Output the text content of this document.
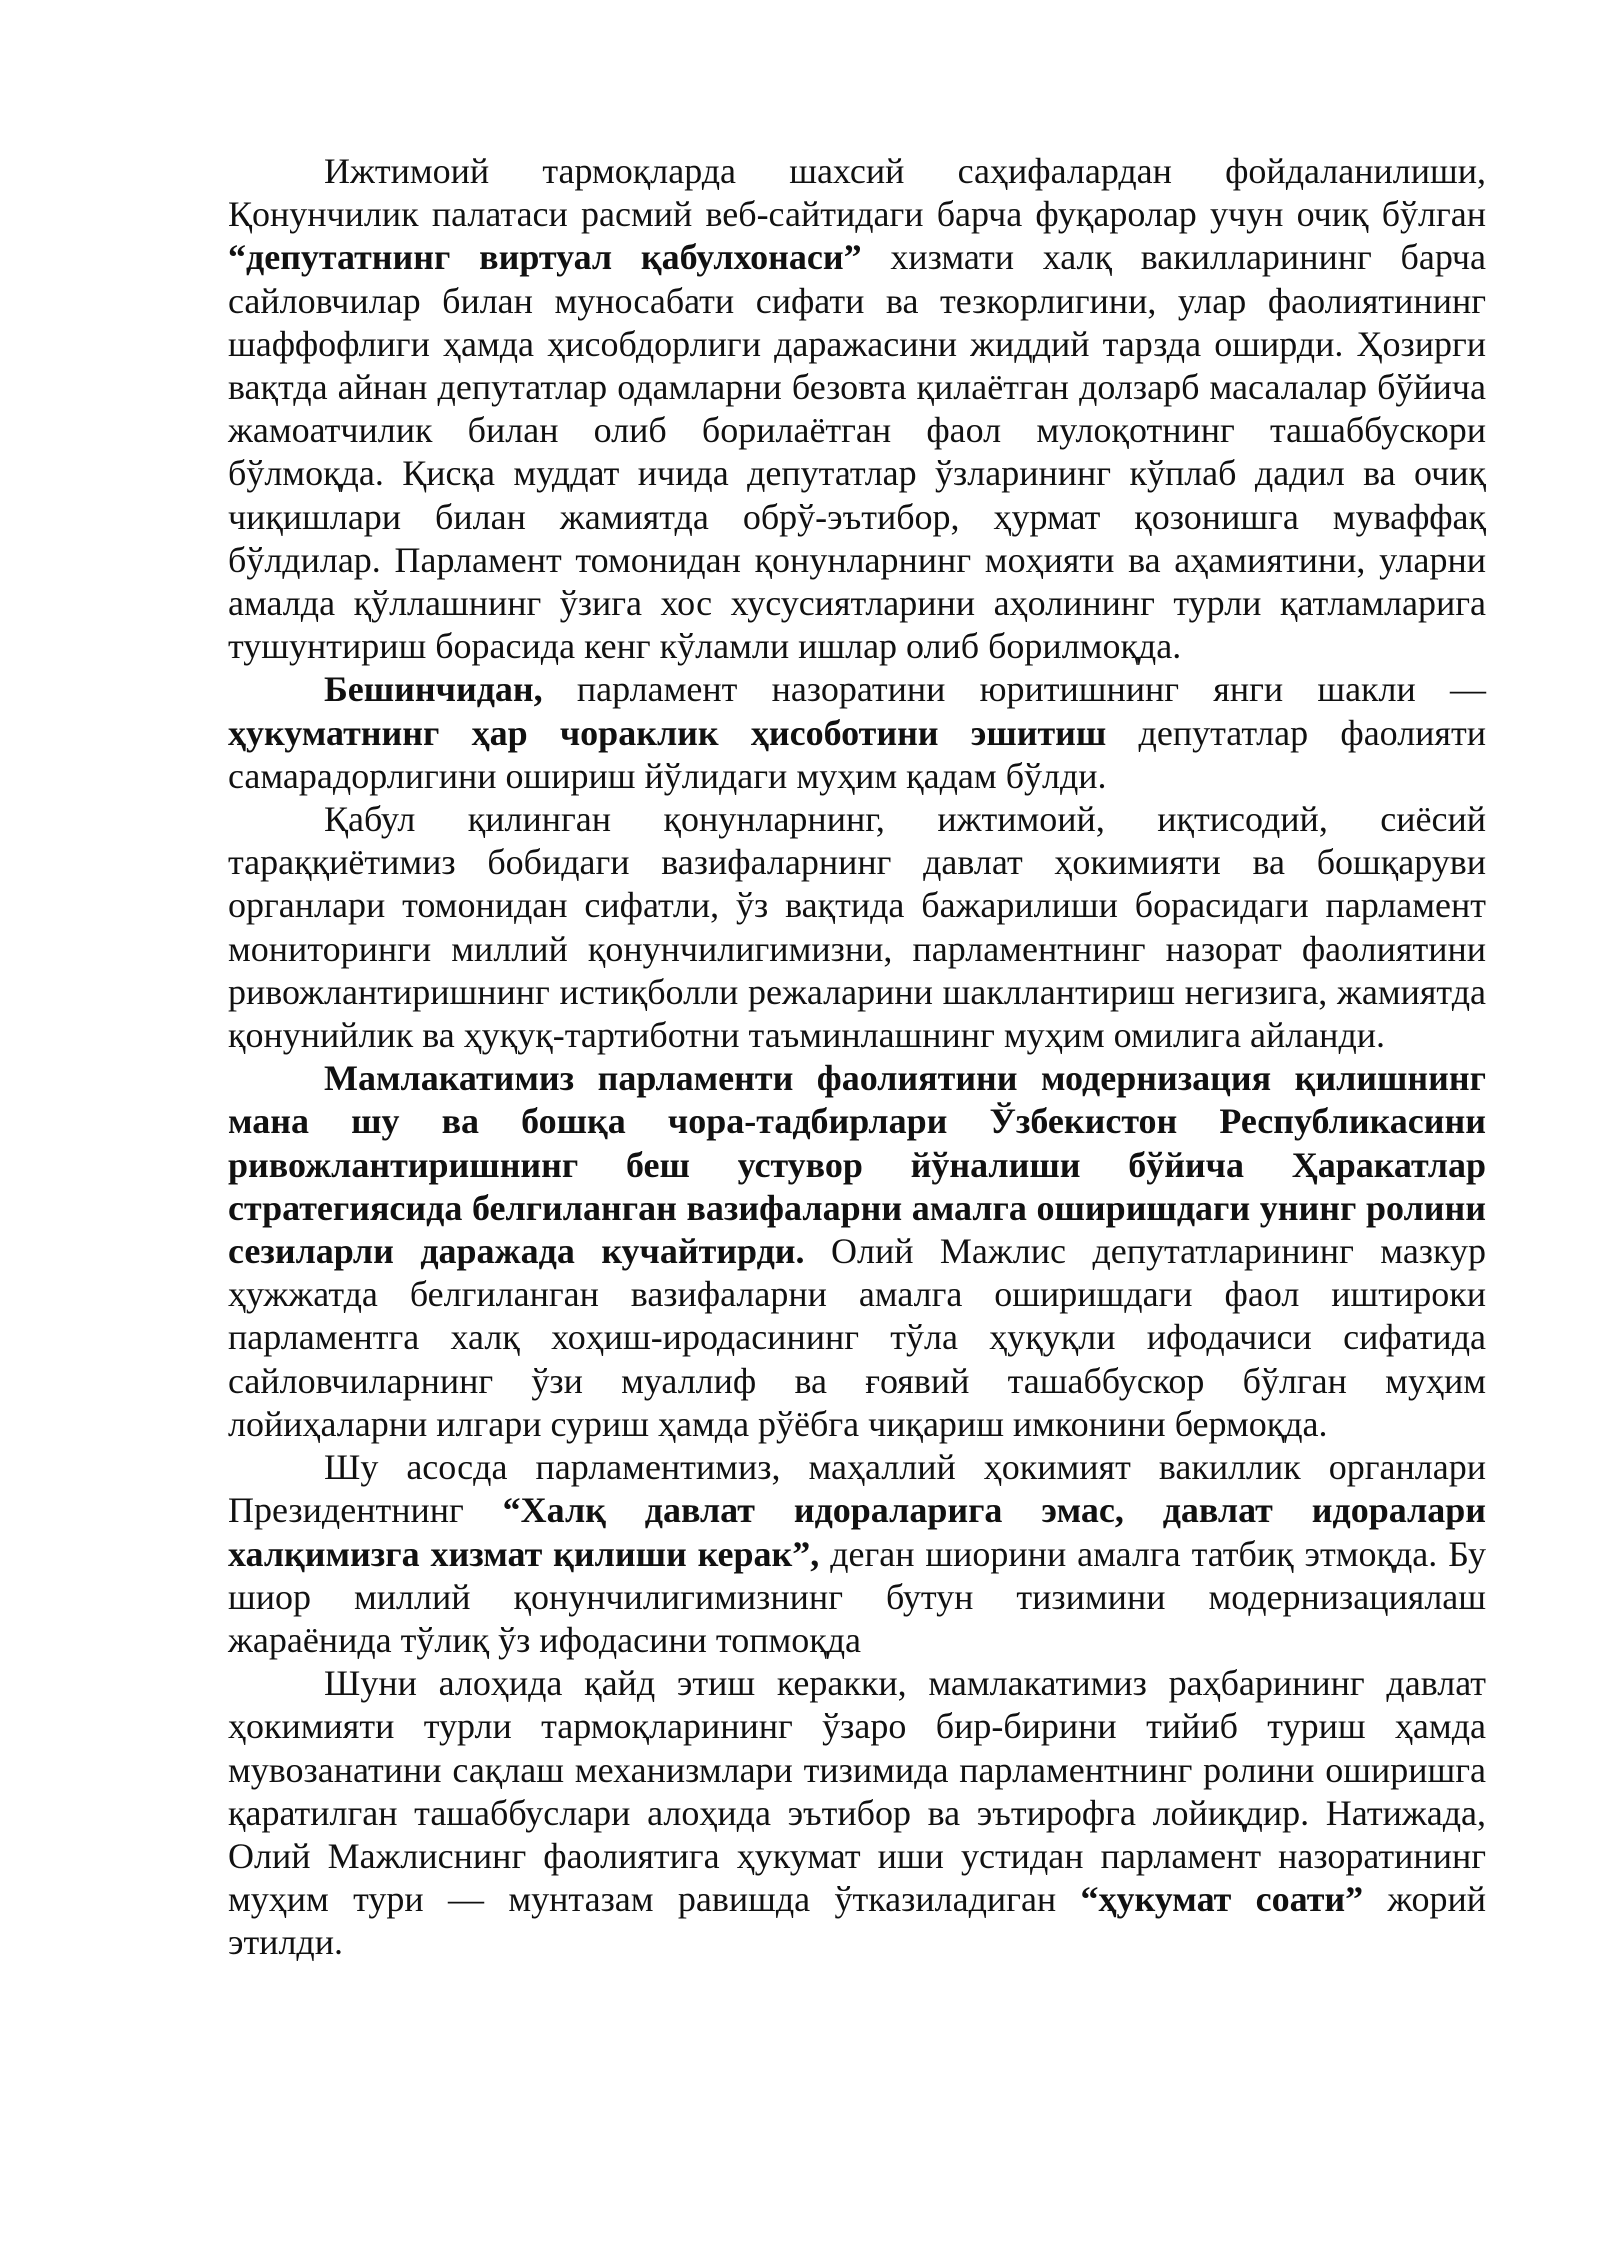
Ижтимоий тармоқларда шахсий саҳифалардан фойдаланилиши, Қонунчилик палатаси расмий веб-сайтидаги барча фуқаролар учун очиқ бўлган “депутатнинг виртуал қабулхонаси” хизмати халқ вакилларининг барча сайловчилар билан муносабати сифати ва тезкорлигини, улар фаолиятининг шаффофлиги ҳамда ҳисобдорлиги даражасини жиддий тарзда оширди. Ҳозирги вақтда айнан депутатлар одамларни безовта қилаётган долзарб масалалар бўйича жамоатчилик билан олиб борилаётган фаол мулоқотнинг ташаббускори бўлмоқда. Қисқа муддат ичида депутатлар ўзларининг кўплаб дадил ва очиқ чиқишлари билан жамиятда обрў-эътибор, ҳурмат қозонишга муваффақ бўлдилар. Парламент томонидан қонунларнинг моҳияти ва аҳамиятини, уларни амалда қўллашнинг ўзига хос хусусиятларини аҳолининг турли қатламларига тушунтириш борасида кенг кўламли ишлар олиб борилмоқда.

Бешинчидан, парламент назоратини юритишнинг янги шакли — ҳукуматнинг ҳар чораклик ҳисоботини эшитиш депутатлар фаолияти самарадорлигини ошириш йўлидаги муҳим қадам бўлди.

Қабул қилинган қонунларнинг, ижтимоий, иқтисодий, сиёсий тараққиётимиз бобидаги вазифаларнинг давлат ҳокимияти ва бошқаруви органлари томонидан сифатли, ўз вақтида бажарилиши борасидаги парламент мониторинги миллий қонунчилигимизни, парламентнинг назорат фаолиятини ривожлантиришнинг истиқболли режаларини шакллантириш негизига, жамиятда қонунийлик ва ҳуқуқ-тартиботни таъминлашнинг муҳим омилига айланди.

Мамлакатимиз парламенти фаолиятини модернизация қилишнинг мана шу ва бошқа чора-тадбирлари Ўзбекистон Республикасини ривожлантиришнинг беш устувор йўналиши бўйича Ҳаракатлар стратегиясида белгиланган вазифаларни амалга оширишдаги унинг ролини сезиларли даражада кучайтирди. Олий Мажлис депутатларининг мазкур ҳужжатда белгиланган вазифаларни амалга оширишдаги фаол иштироки парламентга халқ хоҳиш-иродасининг тўла ҳуқуқли ифодачиси сифатида сайловчиларнинг ўзи муаллиф ва ғоявий ташаббускор бўлган муҳим лойиҳаларни илгари суриш ҳамда рўёбга чиқариш имконини бермоқда.

Шу асосда парламентимиз, маҳаллий ҳокимият вакиллик органлари Президентнинг “Халқ давлат идораларига эмас, давлат идоралари халқимизга хизмат қилиши керак”, деган шиорини амалга татбиқ этмоқда. Бу шиор миллий қонунчилигимизнинг бутун тизимини модернизациялаш жараёнида тўлиқ ўз ифодасини топмоқда

Шуни алоҳида қайд этиш керакки, мамлакатимиз раҳбарининг давлат ҳокимияти турли тармоқларининг ўзаро бир-бирини тийиб туриш ҳамда мувозанатини сақлаш механизмлари тизимида парламентнинг ролини оширишга қаратилган ташаббуслари алоҳида эътибор ва эътирофга лойиқдир. Натижада, Олий Мажлиснинг фаолиятига ҳукумат иши устидан парламент назоратининг муҳим тури — мунтазам равишда ўтказиладиган “ҳукумат соати” жорий этилди.
